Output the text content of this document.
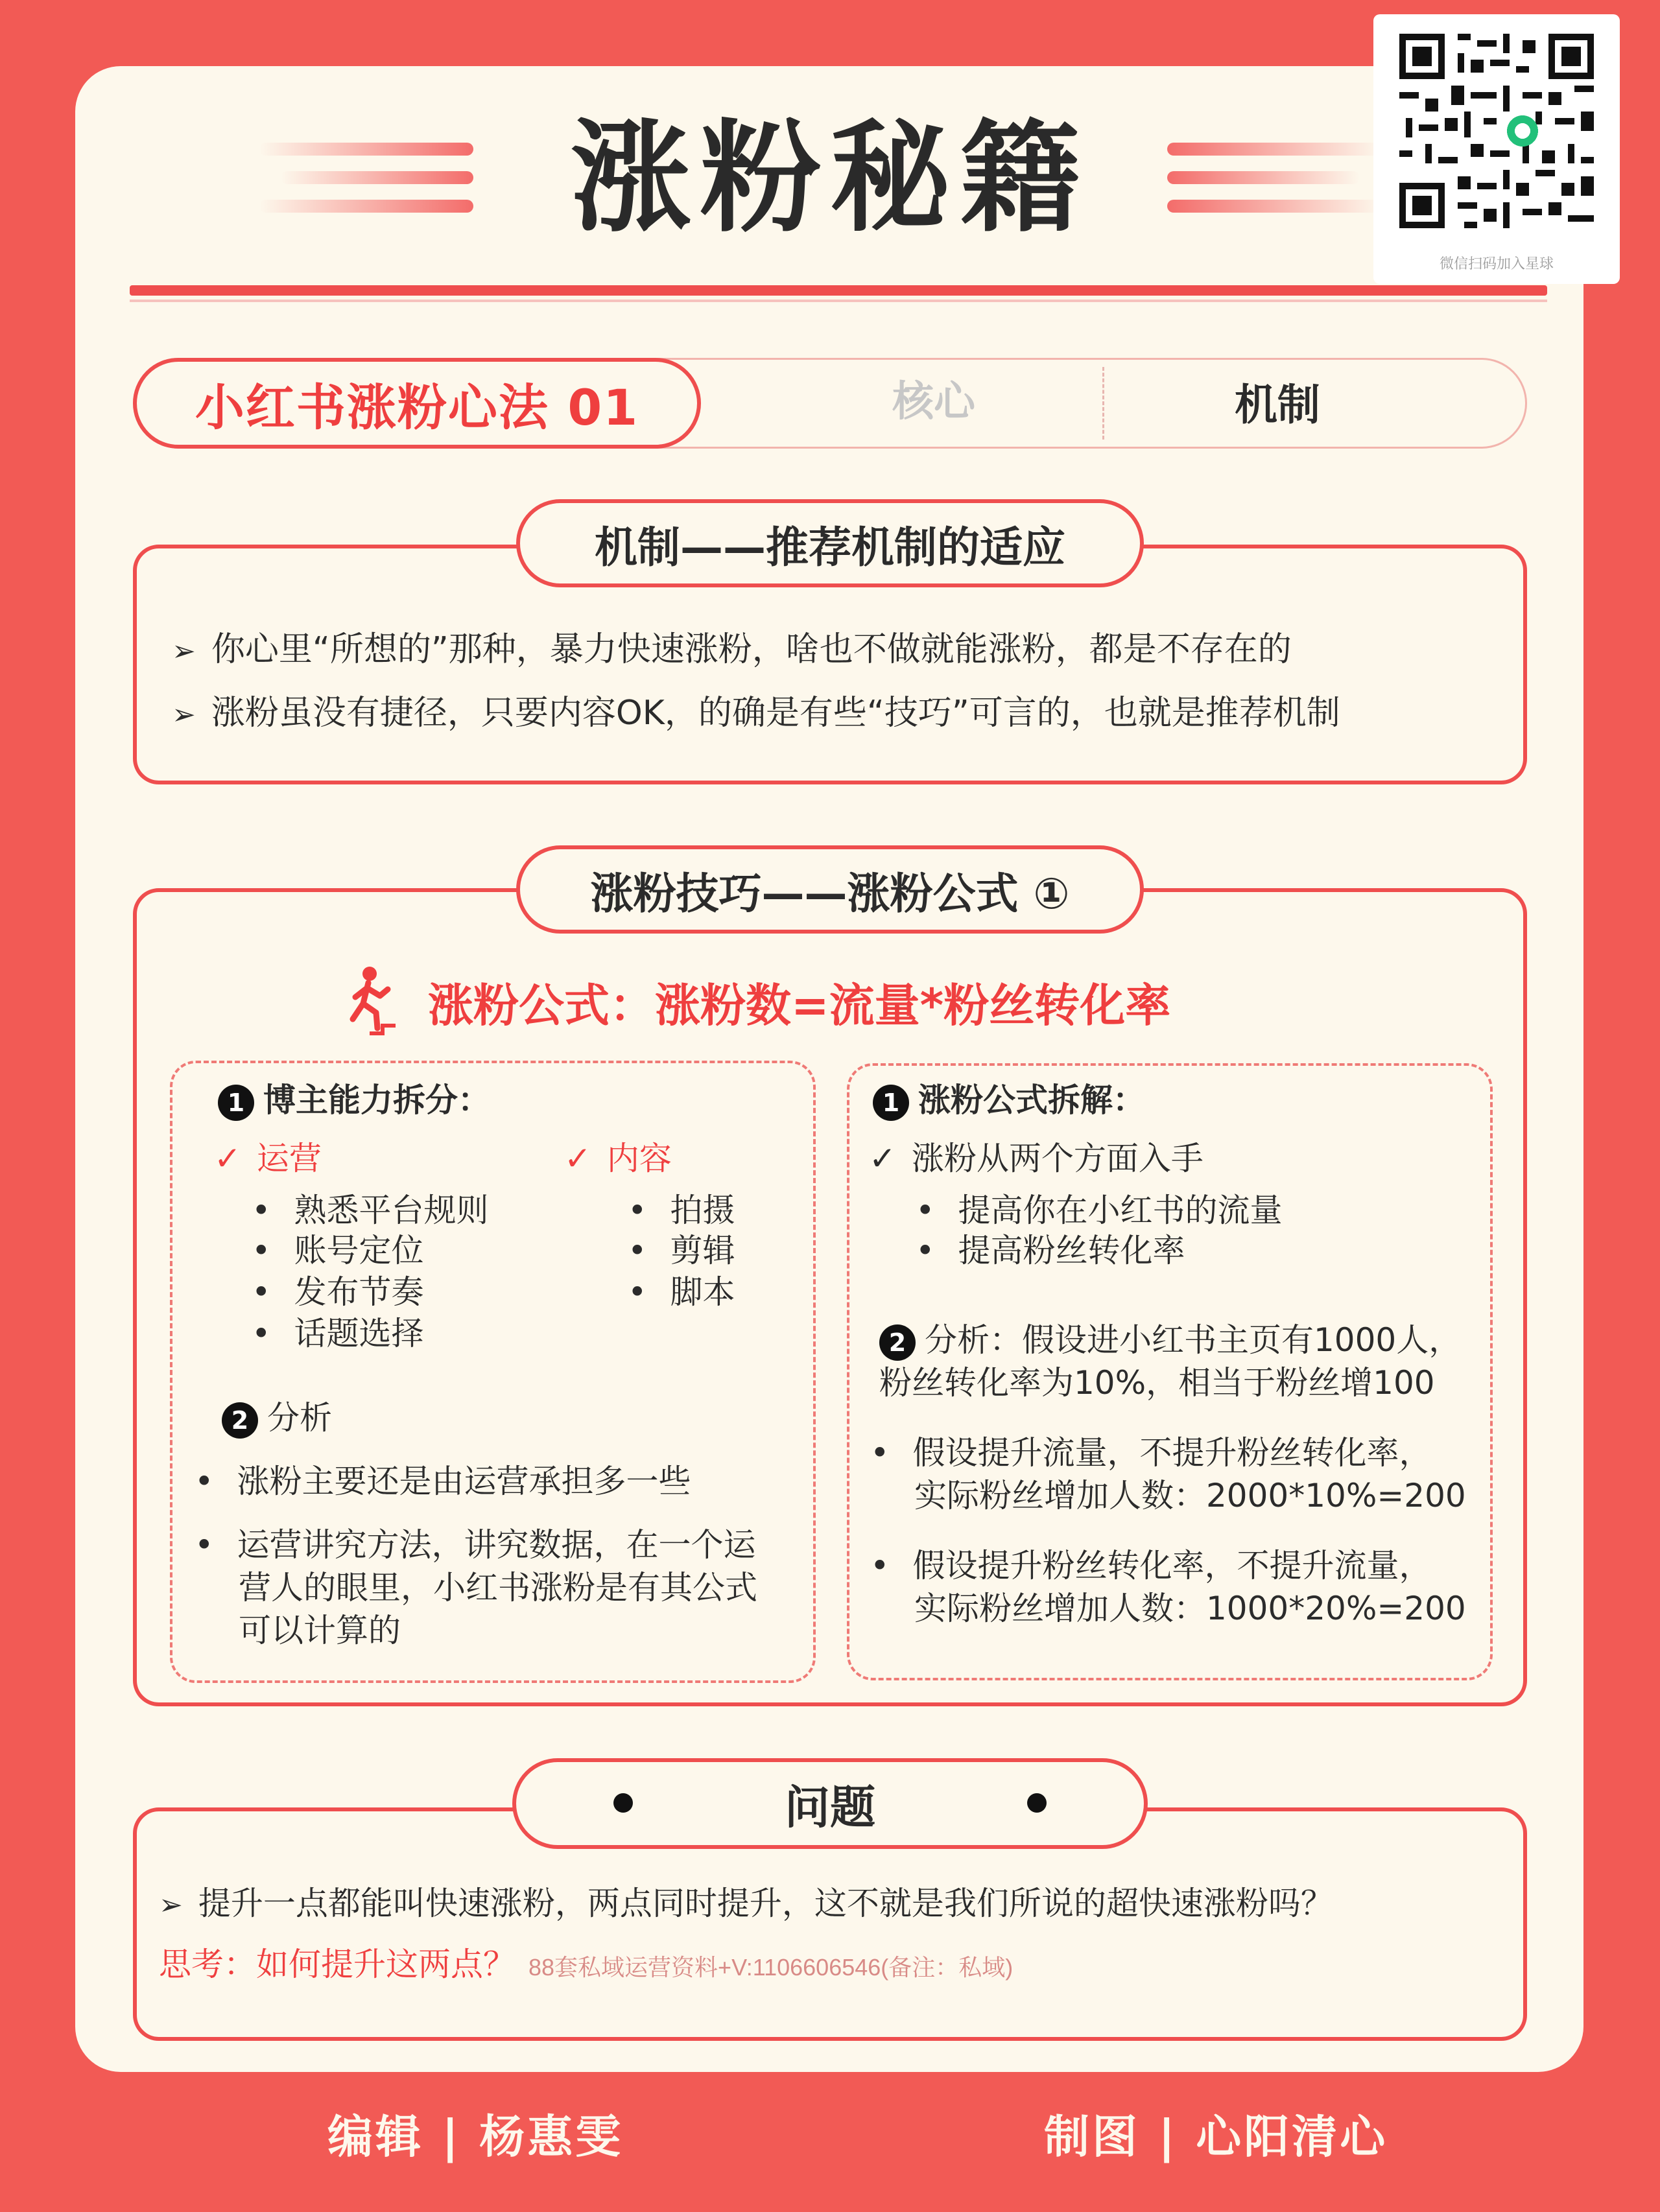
涨粉秘籍
小红书涨粉心法 01	核心	机制
机制——推荐机制的适应
➢ 你心里“所想的”那种，暴力快速涨粉，啥也不做就能涨粉，都是不存在的
➢ 涨粉虽没有捷径，只要内容OK，的确是有些“技巧”可言的，也就是推荐机制
涨粉技巧——涨粉公式 ①
涨粉公式：涨粉数=流量*粉丝转化率
1 博主能力拆分：
✓ 运营	✓ 内容
• 熟悉平台规则
• 账号定位
• 发布节奏
• 话题选择
• 拍摄
• 剪辑
• 脚本
2 分析
• 涨粉主要还是由运营承担多一些
• 运营讲究方法，讲究数据，在一个运
营人的眼里，小红书涨粉是有其公式
可以计算的
1 涨粉公式拆解：
✓ 涨粉从两个方面入手
• 提高你在小红书的流量
• 提高粉丝转化率
2 分析：假设进小红书主页有1000人，
粉丝转化率为10%，相当于粉丝增100
• 假设提升流量，不提升粉丝转化率，
实际粉丝增加人数：2000*10%=200
• 假设提升粉丝转化率，不提升流量，
实际粉丝增加人数：1000*20%=200
问题
➢ 提升一点都能叫快速涨粉，两点同时提升，这不就是我们所说的超快速涨粉吗？
思考：如何提升这两点？ 88套私域运营资料+V:1106606546(备注：私域)
编辑 | 杨惠雯	制图 | 心阳清心
微信扫码加入星球
